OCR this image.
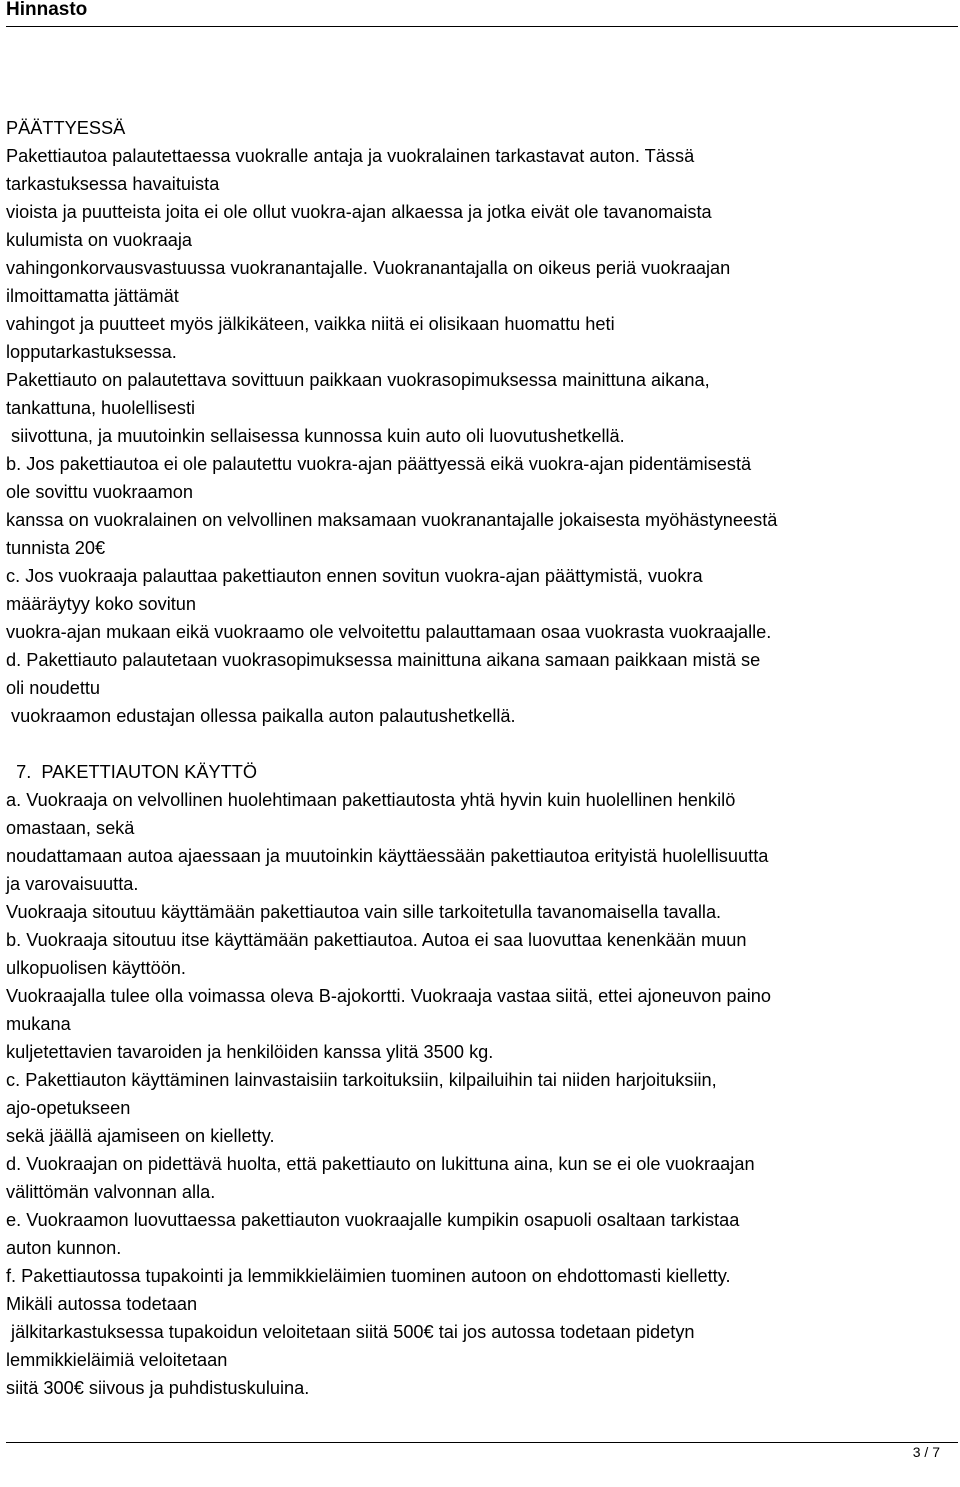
Hinnasto
PÄÄTTYESSÄ
Pakettiautoa palautettaessa vuokralle antaja ja vuokralainen tarkastavat auton. Tässä
tarkastuksessa havaituista
vioista ja puutteista joita ei ole ollut vuokra-ajan alkaessa ja jotka eivät ole tavanomaista
kulumista on vuokraaja
vahingonkorvausvastuussa vuokranantajalle. Vuokranantajalla on oikeus periä vuokraajan
ilmoittamatta jättämät
vahingot ja puutteet myös jälkikäteen, vaikka niitä ei olisikaan huomattu heti
lopputarkastuksessa.
Pakettiauto on palautettava sovittuun paikkaan vuokrasopimuksessa mainittuna aikana,
tankattuna, huolellisesti
siivottuna, ja muutoinkin sellaisessa kunnossa kuin auto oli luovutushetkellä.
b. Jos pakettiautoa ei ole palautettu vuokra-ajan päättyessä eikä vuokra-ajan pidentämisestä
ole sovittu vuokraamon
kanssa on vuokralainen on velvollinen maksamaan vuokranantajalle jokaisesta myöhästyneestä
tunnista 20€
c. Jos vuokraaja palauttaa pakettiauton ennen sovitun vuokra-ajan päättymistä, vuokra
määräytyy koko sovitun
vuokra-ajan mukaan eikä vuokraamo ole velvoitettu palauttamaan osaa vuokrasta vuokraajalle.
d. Pakettiauto palautetaan vuokrasopimuksessa mainittuna aikana samaan paikkaan mistä se
oli noudettu
vuokraamon edustajan ollessa paikalla auton palautushetkellä.
7.  PAKETTIAUTON KÄYTTÖ
a. Vuokraaja on velvollinen huolehtimaan pakettiautosta yhtä hyvin kuin huolellinen henkilö
omastaan, sekä
noudattamaan autoa ajaessaan ja muutoinkin käyttäessään pakettiautoa erityistä huolellisuutta
ja varovaisuutta.
Vuokraaja sitoutuu käyttämään pakettiautoa vain sille tarkoitetulla tavanomaisella tavalla.
b. Vuokraaja sitoutuu itse käyttämään pakettiautoa. Autoa ei saa luovuttaa kenenkään muun
ulkopuolisen käyttöön.
Vuokraajalla tulee olla voimassa oleva B-ajokortti. Vuokraaja vastaa siitä, ettei ajoneuvon paino
mukana
kuljetettavien tavaroiden ja henkilöiden kanssa ylitä 3500 kg.
c. Pakettiauton käyttäminen lainvastaisiin tarkoituksiin, kilpailuihin tai niiden harjoituksiin,
ajo-opetukseen
sekä jäällä ajamiseen on kielletty.
d. Vuokraajan on pidettävä huolta, että pakettiauto on lukittuna aina, kun se ei ole vuokraajan
välittömän valvonnan alla.
e. Vuokraamon luovuttaessa pakettiauton vuokraajalle kumpikin osapuoli osaltaan tarkistaa
auton kunnon.
f. Pakettiautossa tupakointi ja lemmikkieläimien tuominen autoon on ehdottomasti kielletty.
Mikäli autossa todetaan
jälkitarkastuksessa tupakoidun veloitetaan siitä 500€ tai jos autossa todetaan pidetyn
lemmikkieläimiä veloitetaan
siitä 300€ siivous ja puhdistuskuluina.
3 / 7
